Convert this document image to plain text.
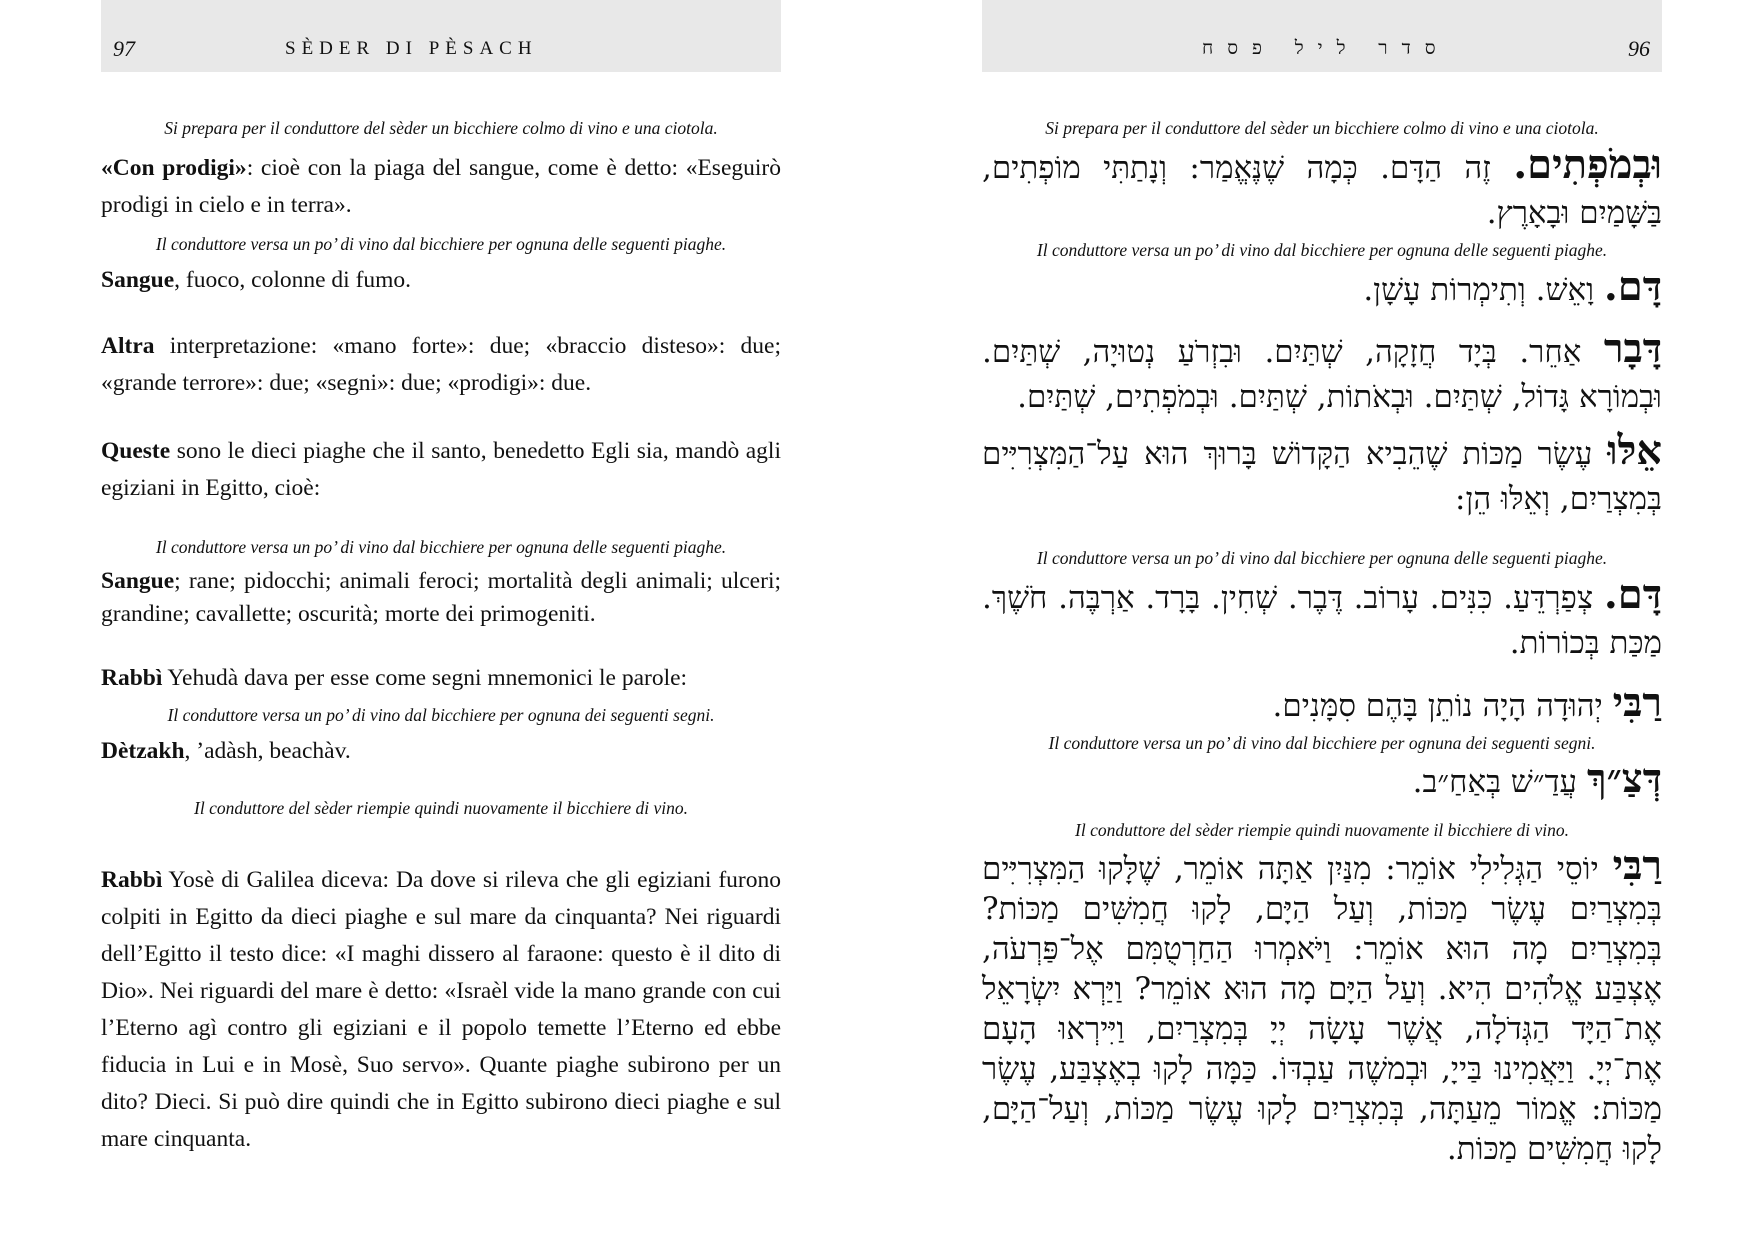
97	SÈDER DI PÈSACH

Si prepara per il conduttore del sèder un bicchiere colmo di vino e una ciotola.

«Con prodigi»: cioè con la piaga del sangue, come è detto: «Eseguirò prodigi in cielo e in terra».

Il conduttore versa un po’ di vino dal bicchiere per ognuna delle seguenti piaghe.

Sangue, fuoco, colonne di fumo.

Altra interpretazione: «mano forte»: due; «braccio disteso»: due; «grande terrore»: due; «segni»: due; «prodigi»: due.

Queste sono le dieci piaghe che il santo, benedetto Egli sia, mandò agli egiziani in Egitto, cioè:

Il conduttore versa un po’ di vino dal bicchiere per ognuna delle seguenti piaghe.

Sangue; rane; pidocchi; animali feroci; mortalità degli animali; ulceri; grandine; cavallette; oscurità; morte dei primogeniti.

Rabbì Yehudà dava per esse come segni mnemonici le parole:

Il conduttore versa un po’ di vino dal bicchiere per ognuna dei seguenti segni.

Dètzakh, ’adàsh, beachàv.

Il conduttore del sèder riempie quindi nuovamente il bicchiere di vino.

Rabbì Yosè di Galilea diceva: Da dove si rileva che gli egiziani furono colpiti in Egitto da dieci piaghe e sul mare da cinquanta? Nei riguardi dell’Egitto il testo dice: «I maghi dissero al faraone: questo è il dito di Dio». Nei riguardi del mare è detto: «Israèl vide la mano grande con cui l’Eterno agì contro gli egiziani e il popolo temette l’Eterno ed ebbe fiducia in Lui e in Mosè, Suo servo». Quante piaghe subirono per un dito? Dieci. Si può dire quindi che in Egitto subirono dieci piaghe e sul mare cinquanta.

96
סדר ליל פסח

Si prepara per il conduttore del sèder un bicchiere colmo di vino e una ciotola.

וּבְמֹפְתִים. זֶה הַדָּם. כְּמָה שֶׁנֶּאֱמַר: וְנָתַתִּי מוֹפְתִים, בַּשָּׁמַיִם וּבָאָרֶץ.

Il conduttore versa un po’ di vino dal bicchiere per ognuna delle seguenti piaghe.

דָּם. וָאֵשׁ. וְתִימְרוֹת עָשָׁן.

דָּבָר אַחֵר. בְּיָד חֲזָקָה, שְׁתַּיִם. וּבִזְרֹעַ נְטוּיָה, שְׁתַּיִם. וּבְמוֹרָא גָּדוֹל, שְׁתַּיִם. וּבְאֹתוֹת, שְׁתַּיִם. וּבְמֹפְתִים, שְׁתַּיִם.

אֵלּוּ עֶשֶׂר מַכּוֹת שֶׁהֵבִיא הַקָּדוֹשׁ בָּרוּךְ הוּא עַל־הַמִּצְרִיִּים בְּמִצְרַיִם, וְאֵלּוּ הֵן:

Il conduttore versa un po’ di vino dal bicchiere per ognuna delle seguenti piaghe.

דָּם. צְפַרְדֵּעַ. כִּנִּים. עָרוֹב. דֶּבֶר. שְׁחִין. בָּרָד. אַרְבֶּה. חֹשֶׁךְ. מַכַּת בְּכוֹרוֹת.

רַבִּי יְהוּדָה הָיָה נוֹתֵן בָּהֶם סִמָּנִים.

Il conduttore versa un po’ di vino dal bicchiere per ognuna dei seguenti segni.

דְּצַ״ךְ עֲדַ״שׁ בְּאַחַ״ב.

Il conduttore del sèder riempie quindi nuovamente il bicchiere di vino.

רַבִּי יוֹסֵי הַגְּלִילִי אוֹמֵר: מִנַּיִן אַתָּה אוֹמֵר, שֶׁלָּקוּ הַמִּצְרִיִּים בְּמִצְרַיִם עֶשֶׂר מַכּוֹת, וְעַל הַיָּם, לָקוּ חֲמִשִּׁים מַכּוֹת? בְּמִצְרַיִם מָה הוּא אוֹמֵר: וַיֹּאמְרוּ הַחַרְטֻמִּם אֶל־פַּרְעֹה, אֶצְבַּע אֱלֹהִים הִיא. וְעַל הַיָּם מָה הוּא אוֹמֵר? וַיַּרְא יִשְׂרָאֵל אֶת־הַיָּד הַגְּדֹלָה, אֲשֶׁר עָשָׂה יְיָ בְּמִצְרַיִם, וַיִּירְאוּ הָעָם אֶת־יְיָ. וַיַּאֲמִינוּ בַּייָ, וּבְמשֶׁה עַבְדּוֹ. כַּמָּה לָקוּ בְאֶצְבַּע, עֶשֶׂר מַכּוֹת: אֱמוֹר מֵעַתָּה, בְּמִצְרַיִם לָקוּ עֶשֶׂר מַכּוֹת, וְעַל־הַיָּם, לָקוּ חֲמִשִּׁים מַכּוֹת.
